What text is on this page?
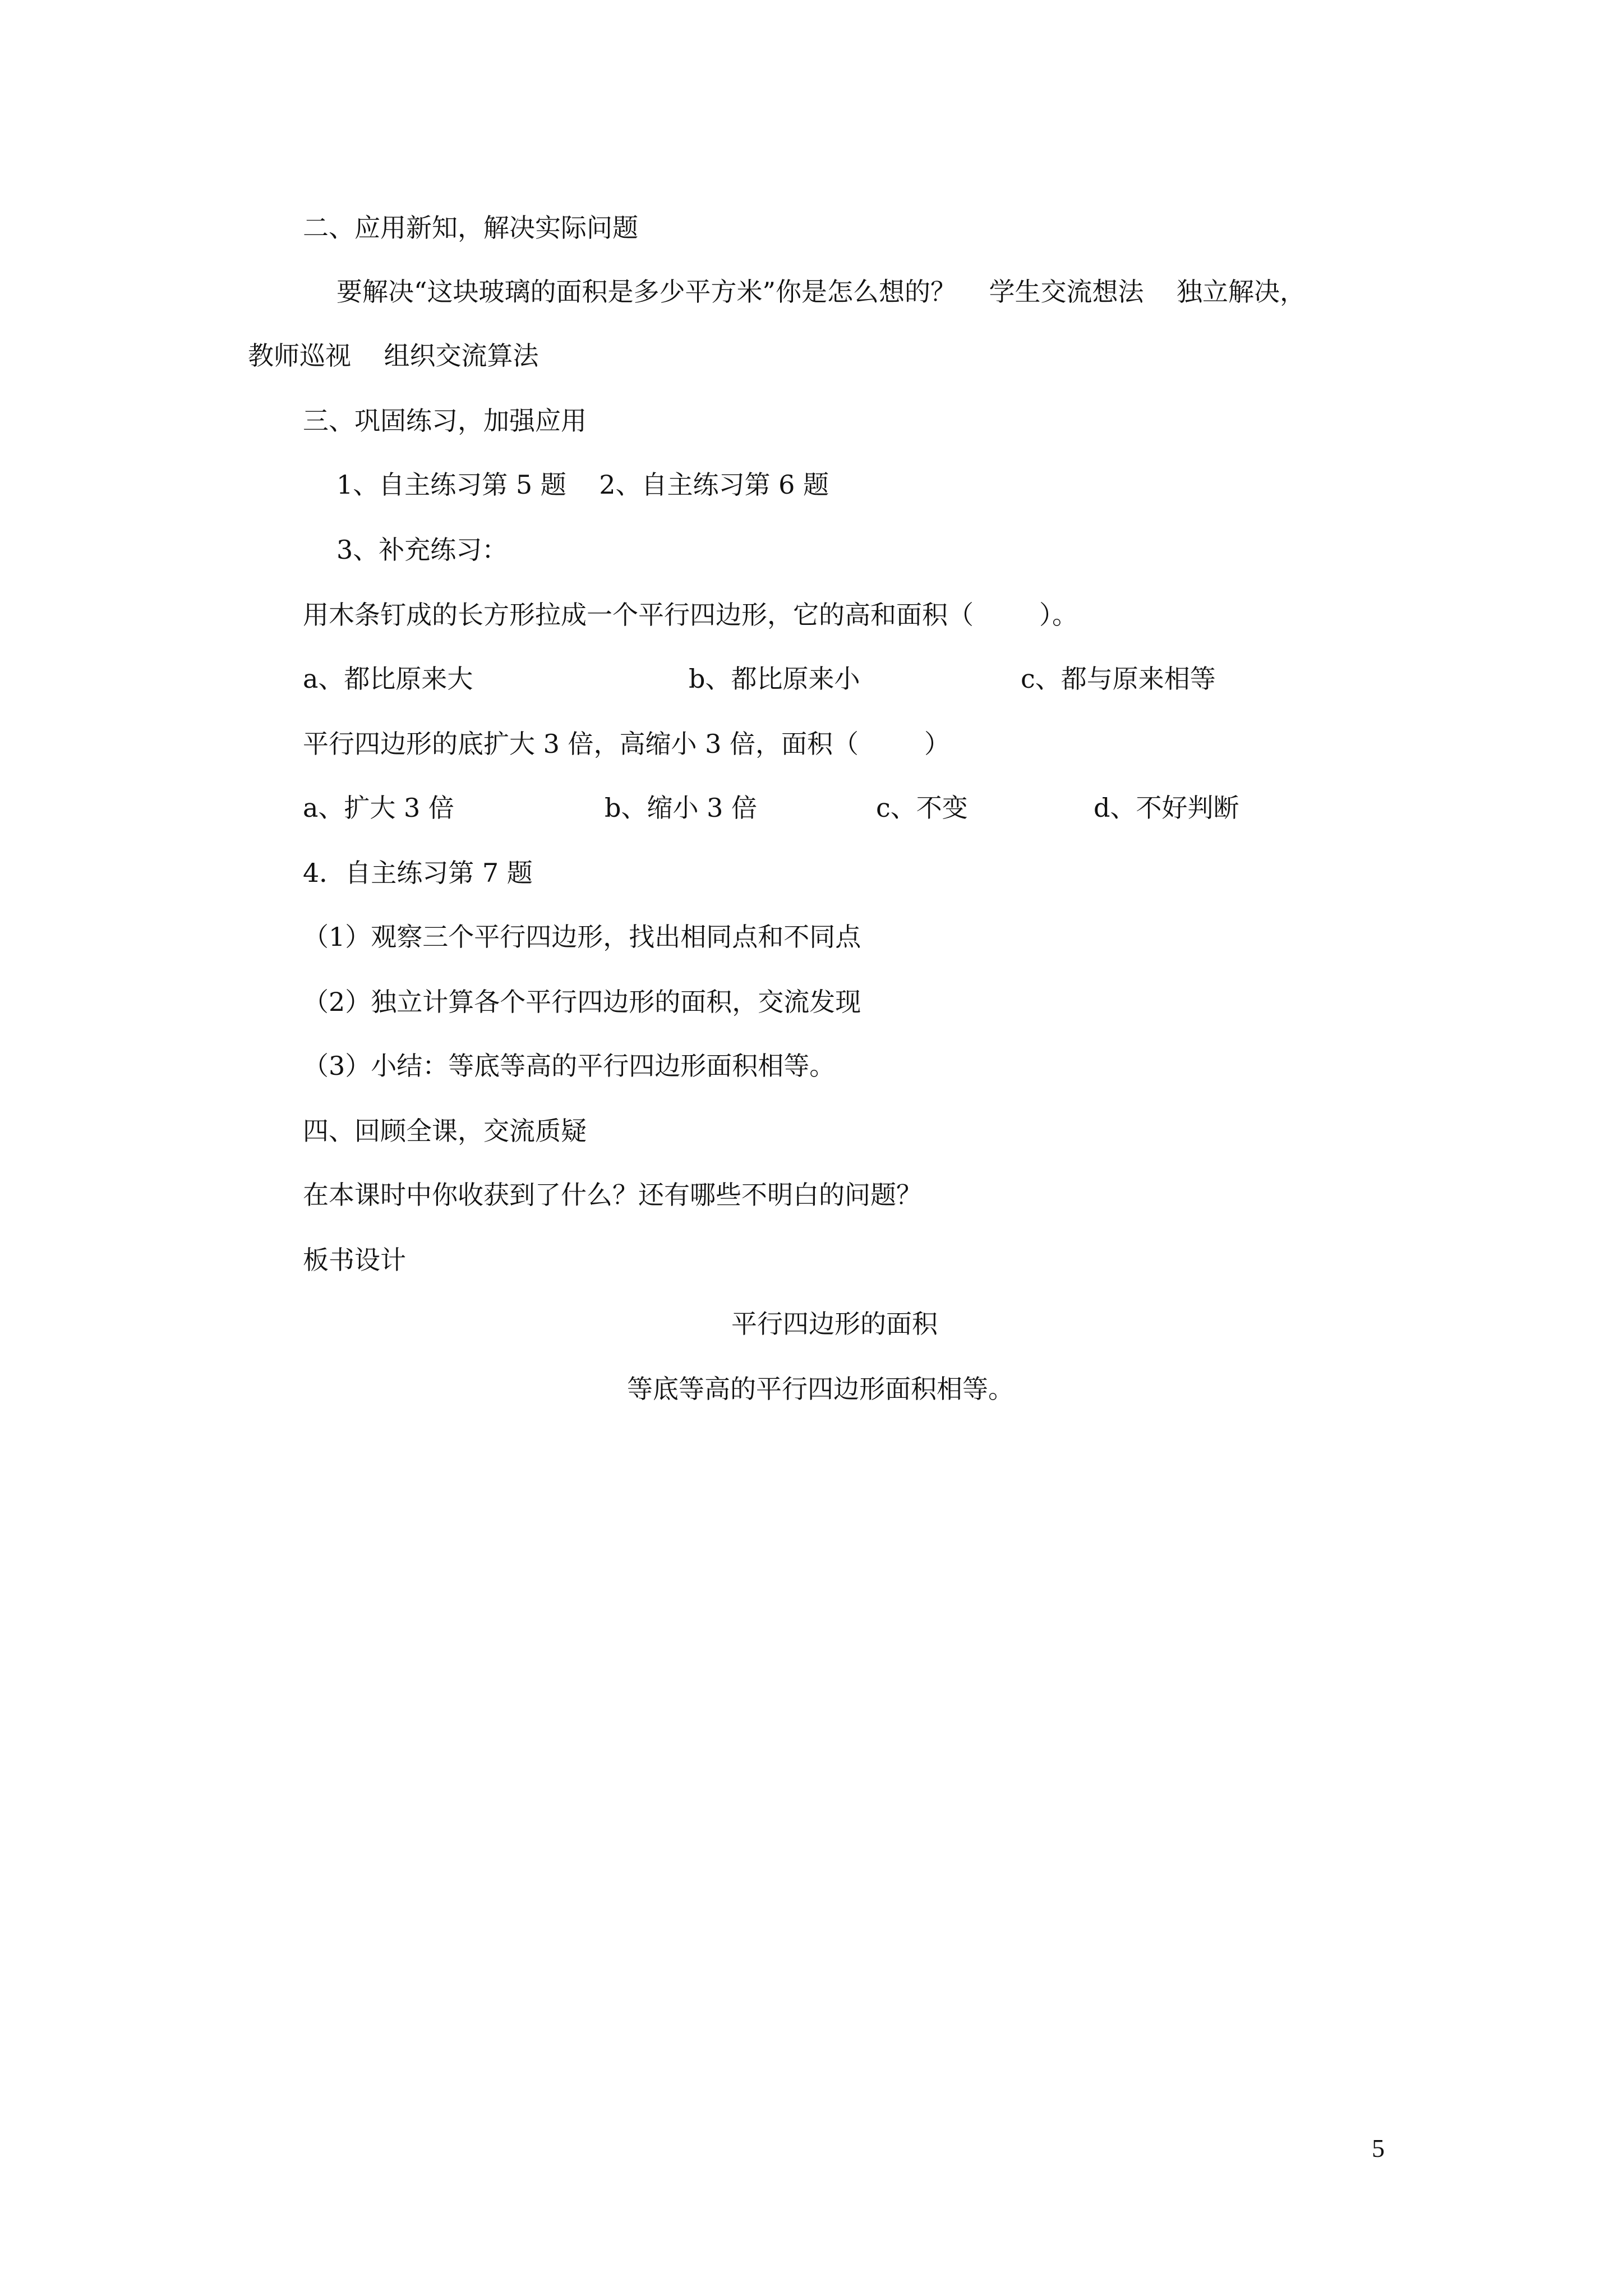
二、应用新知，解决实际问题
要解决“这块玻璃的面积是多少平方米”你是怎么想的？    学生交流想法    独立解决，
教师巡视    组织交流算法
三、巩固练习，加强应用
1、自主练习第 5 题    2、自主练习第 6 题
3、补充练习：
用木条钉成的长方形拉成一个平行四边形，它的高和面积（        ）。
a、都比原来大	b、都比原来小	c、都与原来相等
平行四边形的底扩大 3 倍，高缩小 3 倍，面积（        ）
a、扩大 3 倍	b、缩小 3 倍	c、不变	d、不好判断
4．自主练习第 7 题
（1）观察三个平行四边形，找出相同点和不同点
（2）独立计算各个平行四边形的面积，交流发现
（3）小结：等底等高的平行四边形面积相等。
四、回顾全课，交流质疑
在本课时中你收获到了什么？还有哪些不明白的问题？
板书设计
平行四边形的面积
等底等高的平行四边形面积相等。
5
